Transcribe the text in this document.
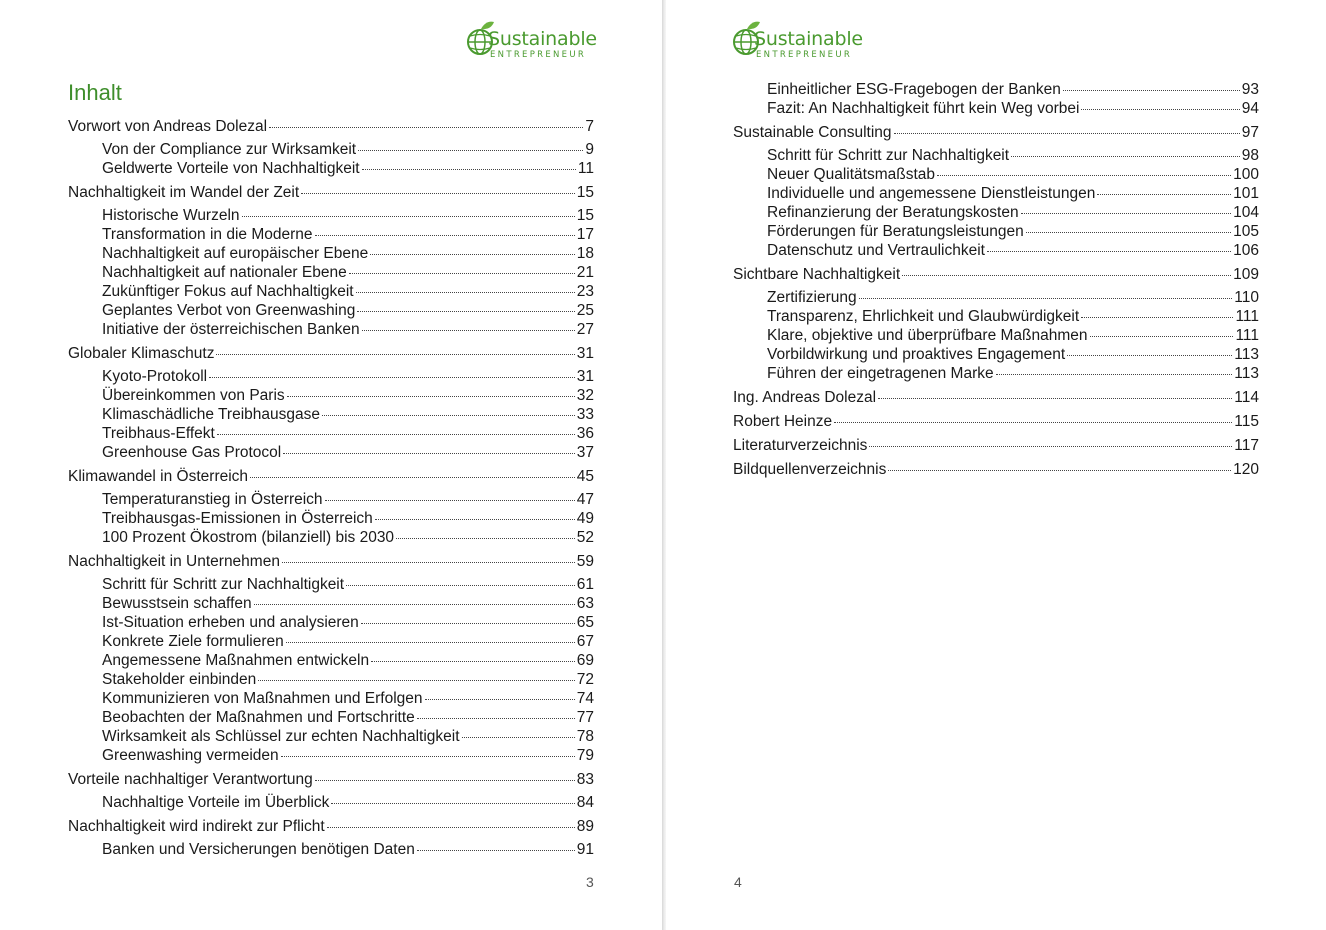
Sustainable
ENTREPRENEUR
Inhalt
Vorwort von Andreas Dolezal	7
Von der Compliance zur Wirksamkeit	9
Geldwerte Vorteile von Nachhaltigkeit	11
Nachhaltigkeit im Wandel der Zeit	15
Historische Wurzeln	15
Transformation in die Moderne	17
Nachhaltigkeit auf europäischer Ebene	18
Nachhaltigkeit auf nationaler Ebene	21
Zukünftiger Fokus auf Nachhaltigkeit	23
Geplantes Verbot von Greenwashing	25
Initiative der österreichischen Banken	27
Globaler Klimaschutz	31
Kyoto-Protokoll	31
Übereinkommen von Paris	32
Klimaschädliche Treibhausgase	33
Treibhaus-Effekt	36
Greenhouse Gas Protocol	37
Klimawandel in Österreich	45
Temperaturanstieg in Österreich	47
Treibhausgas-Emissionen in Österreich	49
100 Prozent Ökostrom (bilanziell) bis 2030	52
Nachhaltigkeit in Unternehmen	59
Schritt für Schritt zur Nachhaltigkeit	61
Bewusstsein schaffen	63
Ist-Situation erheben und analysieren	65
Konkrete Ziele formulieren	67
Angemessene Maßnahmen entwickeln	69
Stakeholder einbinden	72
Kommunizieren von Maßnahmen und Erfolgen	74
Beobachten der Maßnahmen und Fortschritte	77
Wirksamkeit als Schlüssel zur echten Nachhaltigkeit	78
Greenwashing vermeiden	79
Vorteile nachhaltiger Verantwortung	83
Nachhaltige Vorteile im Überblick	84
Nachhaltigkeit wird indirekt zur Pflicht	89
Banken und Versicherungen benötigen Daten	91
3
Sustainable
ENTREPRENEUR
Einheitlicher ESG-Fragebogen der Banken	93
Fazit: An Nachhaltigkeit führt kein Weg vorbei	94
Sustainable Consulting	97
Schritt für Schritt zur Nachhaltigkeit	98
Neuer Qualitätsmaßstab	100
Individuelle und angemessene Dienstleistungen	101
Refinanzierung der Beratungskosten	104
Förderungen für Beratungsleistungen	105
Datenschutz und Vertraulichkeit	106
Sichtbare Nachhaltigkeit	109
Zertifizierung	110
Transparenz, Ehrlichkeit und Glaubwürdigkeit	111
Klare, objektive und überprüfbare Maßnahmen	111
Vorbildwirkung und proaktives Engagement	113
Führen der eingetragenen Marke	113
Ing. Andreas Dolezal	114
Robert Heinze	115
Literaturverzeichnis	117
Bildquellenverzeichnis	120
4
